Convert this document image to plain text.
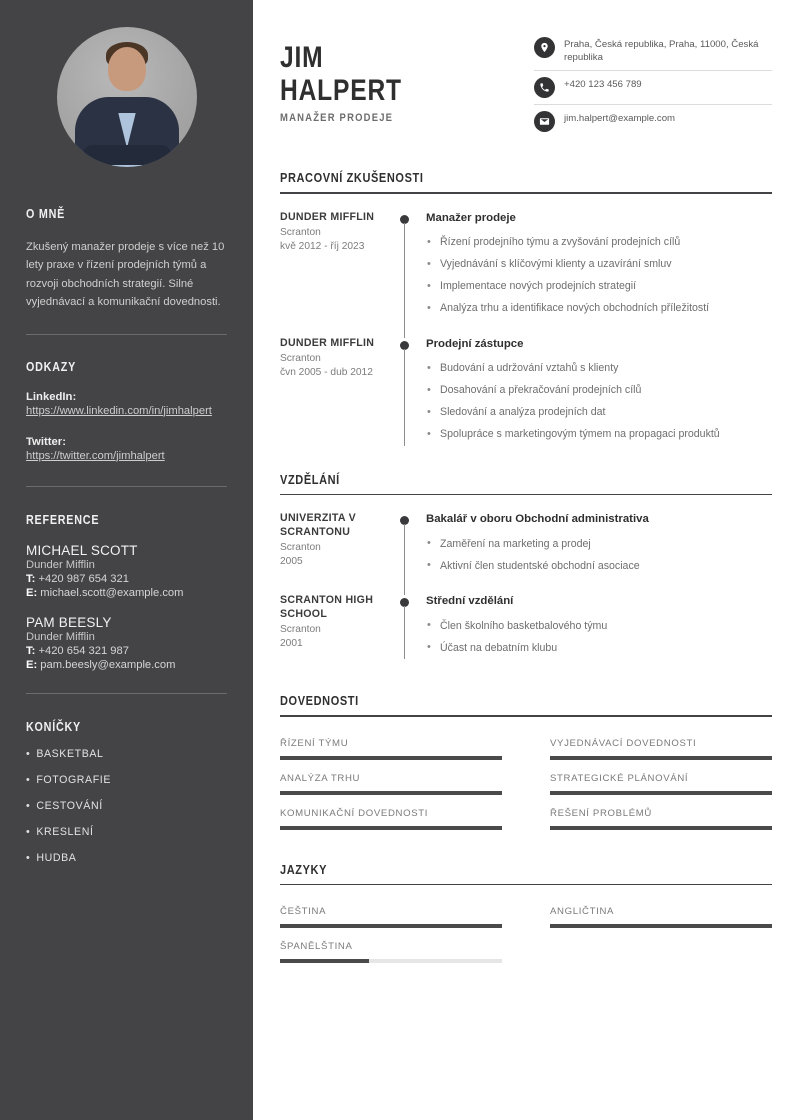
O MNĚ

Zkušený manažer prodeje s více než 10 lety praxe v řízení prodejních týmů a rozvoji obchodních strategií. Silné vyjednávací a komunikační dovednosti.

ODKAZY
LinkedIn:
https://www.linkedin.com/in/jimhalpert
Twitter:
https://twitter.com/jimhalpert
REFERENCE
MICHAEL SCOTT
Dunder Mifflin
T: +420 987 654 321
E: michael.scott@example.com
PAM BEESLY
Dunder Mifflin
T: +420 654 321 987
E: pam.beesly@example.com
KONÍČKY
• BASKETBAL
• FOTOGRAFIE
• CESTOVÁNÍ
• KRESLENÍ
• HUDBA
JIM
HALPERT
MANAŽER PRODEJE
Praha, Česká republika, Praha, 11000, Česká republika
+420 123 456 789
jim.halpert@example.com
PRACOVNÍ ZKUŠENOSTI
DUNDER MIFFLIN
Scranton
kvě 2012 - říj 2023
Manažer prodeje
• Řízení prodejního týmu a zvyšování prodejních cílů
• Vyjednávání s klíčovými klienty a uzavírání smluv
• Implementace nových prodejních strategií
• Analýza trhu a identifikace nových obchodních příležitostí
DUNDER MIFFLIN
Scranton
čvn 2005 - dub 2012
Prodejní zástupce
• Budování a udržování vztahů s klienty
• Dosahování a překračování prodejních cílů
• Sledování a analýza prodejních dat
• Spolupráce s marketingovým týmem na propagaci produktů
VZDĚLÁNÍ
UNIVERZITA V SCRANTONU
Scranton
2005
Bakalář v oboru Obchodní administrativa
• Zaměření na marketing a prodej
• Aktivní člen studentské obchodní asociace
SCRANTON HIGH SCHOOL
Scranton
2001
Střední vzdělání
• Člen školního basketbalového týmu
• Účast na debatním klubu
DOVEDNOSTI
ŘÍZENÍ TÝMU	VYJEDNÁVACÍ DOVEDNOSTI
ANALÝZA TRHU	STRATEGICKÉ PLÁNOVÁNÍ
KOMUNIKAČNÍ DOVEDNOSTI	ŘEŠENÍ PROBLÉMŮ
JAZYKY
ČEŠTINA	ANGLIČTINA
ŠPANĚLŠTINA
